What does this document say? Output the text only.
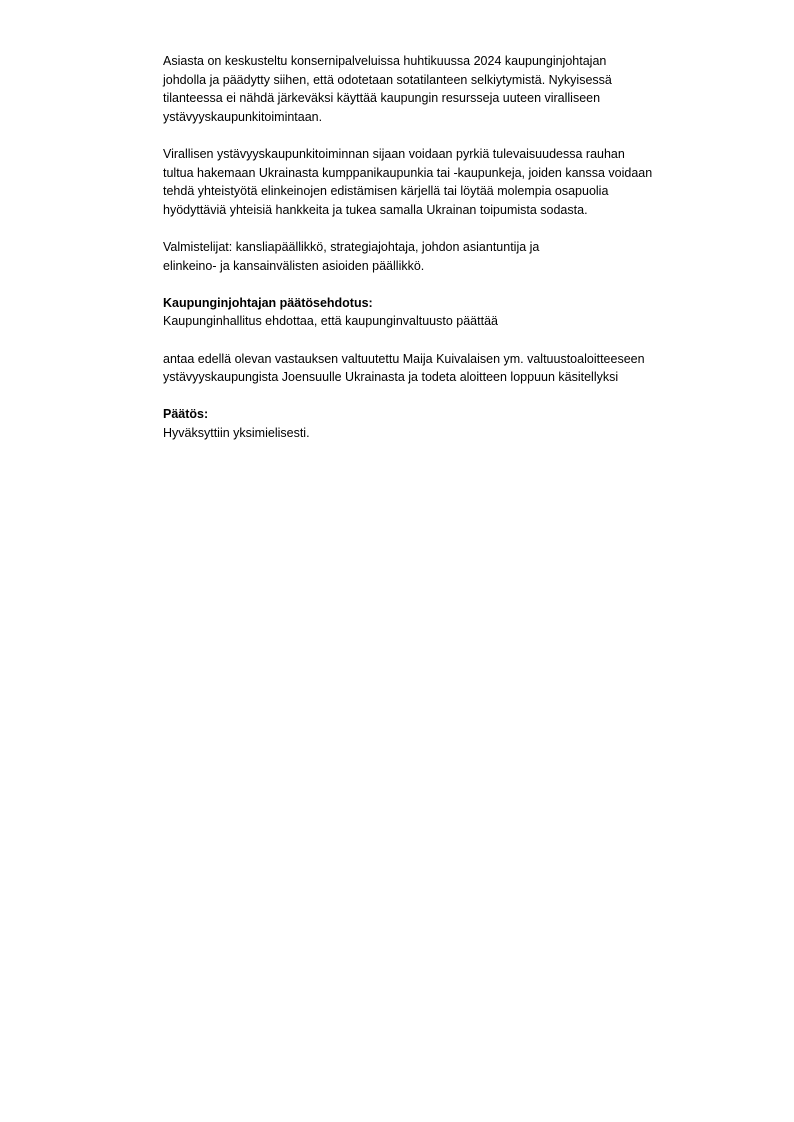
Asiasta on keskusteltu konsernipalveluissa huhtikuussa 2024 kaupunginjohtajan
johdolla ja päädytty siihen, että odotetaan sotatilanteen selkiytymistä. Nykyisessä
tilanteessa ei nähdä järkeväksi käyttää kaupungin resursseja uuteen viralliseen
ystävyyskaupunkitoimintaan.

Virallisen ystävyyskaupunkitoiminnan sijaan voidaan pyrkiä tulevaisuudessa rauhan
tultua hakemaan Ukrainasta kumppanikaupunkia tai -kaupunkeja, joiden kanssa voidaan
tehdä yhteistyötä elinkeinojen edistämisen kärjellä tai löytää molempia osapuolia
hyödyttäviä yhteisiä hankkeita ja tukea samalla Ukrainan toipumista sodasta.

Valmistelijat: kansliapäällikkö, strategiajohtaja, johdon asiantuntija ja
elinkeino- ja kansainvälisten asioiden päällikkö.

Kaupunginjohtajan päätösehdotus:
Kaupunginhallitus ehdottaa, että kaupunginvaltuusto päättää

antaa edellä olevan vastauksen valtuutettu Maija Kuivalaisen ym. valtuustoaloitteeseen
ystävyyskaupungista Joensuulle Ukrainasta ja todeta aloitteen loppuun käsitellyksi

Päätös:
Hyväksyttiin yksimielisesti.
